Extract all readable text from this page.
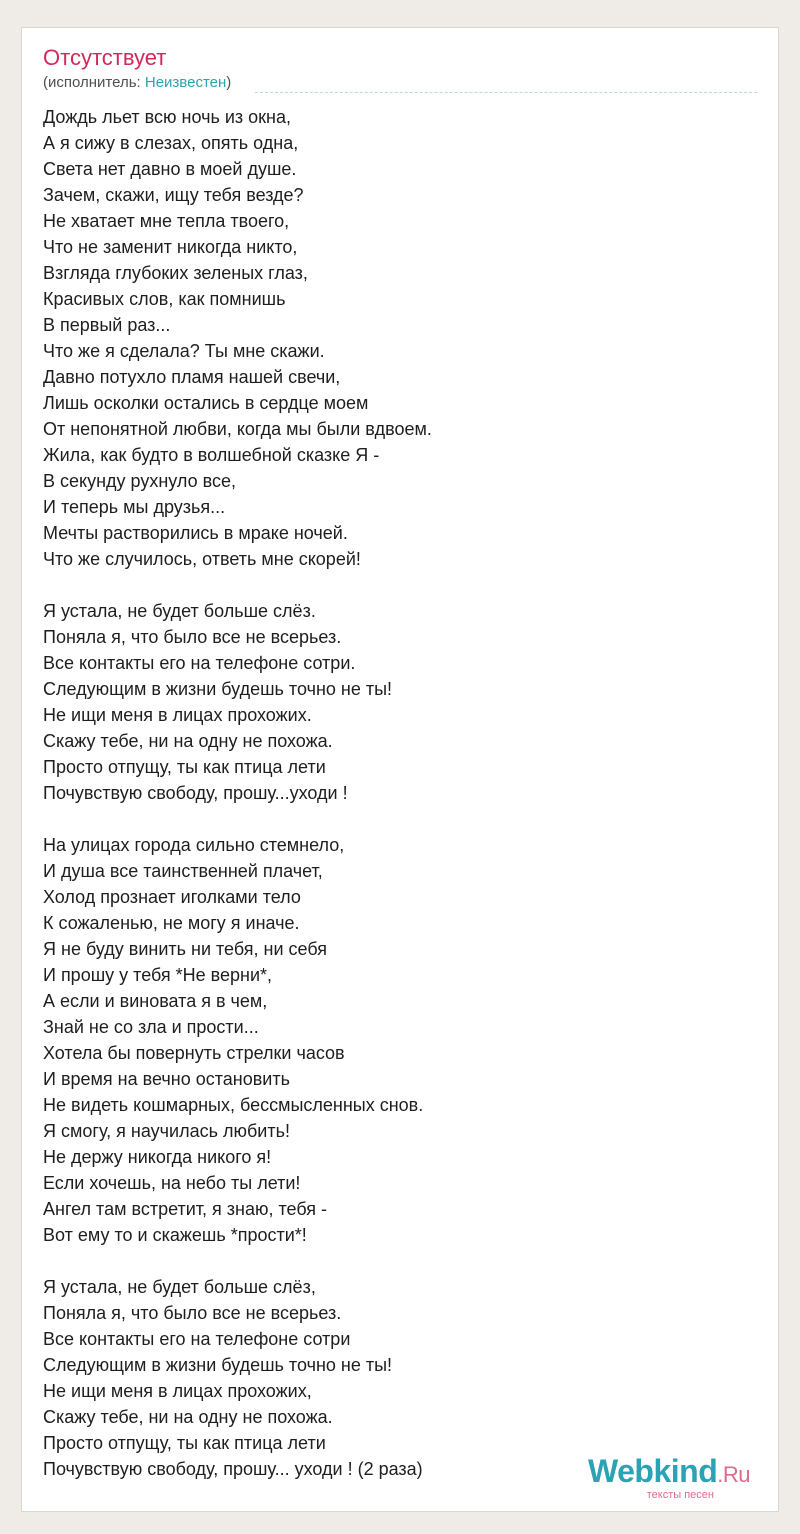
Отсутствует
(исполнитель: Неизвестен)
Дождь льет всю ночь из окна,
А я сижу в слезах, опять одна,
Света нет давно в моей душе.
Зачем, скажи, ищу тебя везде?
Не хватает мне тепла твоего,
Что не заменит никогда никто,
Взгляда глубоких зеленых глаз,
Красивых слов, как помнишь
В первый раз...
Что же я сделала? Ты мне скажи.
Давно потухло пламя нашей свечи,
Лишь осколки остались в сердце моем
От непонятной любви, когда мы были вдвоем.
Жила, как будто в волшебной сказке Я -
В секунду рухнуло все,
И теперь мы друзья...
Мечты растворились в мраке ночей.
Что же случилось, ответь мне скорей!
Я устала, не будет больше слёз.
Поняла я, что было все не всерьез.
Все контакты его на телефоне сотри.
Следующим в жизни будешь точно не ты!
Не ищи меня в лицах прохожих.
Скажу тебе, ни на одну не похожа.
Просто отпущу, ты как птица лети
Почувствую свободу, прошу...уходи !
На улицах города сильно стемнело,
И душа все таинственней плачет,
Холод прознает иголками тело
К сожаленью, не могу я иначе.
Я не буду винить ни тебя, ни себя
И прошу у тебя *Не верни*,
А если и виновата я в чем,
Знай не со зла и прости...
Хотела бы повернуть стрелки часов
И время на вечно остановить
Не видеть кошмарных, бессмысленных снов.
Я смогу, я научилась любить!
Не держу никогда никого я!
Если хочешь, на небо ты лети!
Ангел там встретит, я знаю, тебя -
Вот ему то и скажешь *прости*!
Я устала, не будет больше слёз,
Поняла я, что было все не всерьез.
Все контакты его на телефоне сотри
Следующим в жизни будешь точно не ты!
Не ищи меня в лицах прохожих,
Скажу тебе, ни на одну не похожа.
Просто отпущу, ты как птица лети
Почувствую свободу, прошу... уходи ! (2 раза)	Webkind.Ru
тексты песен
